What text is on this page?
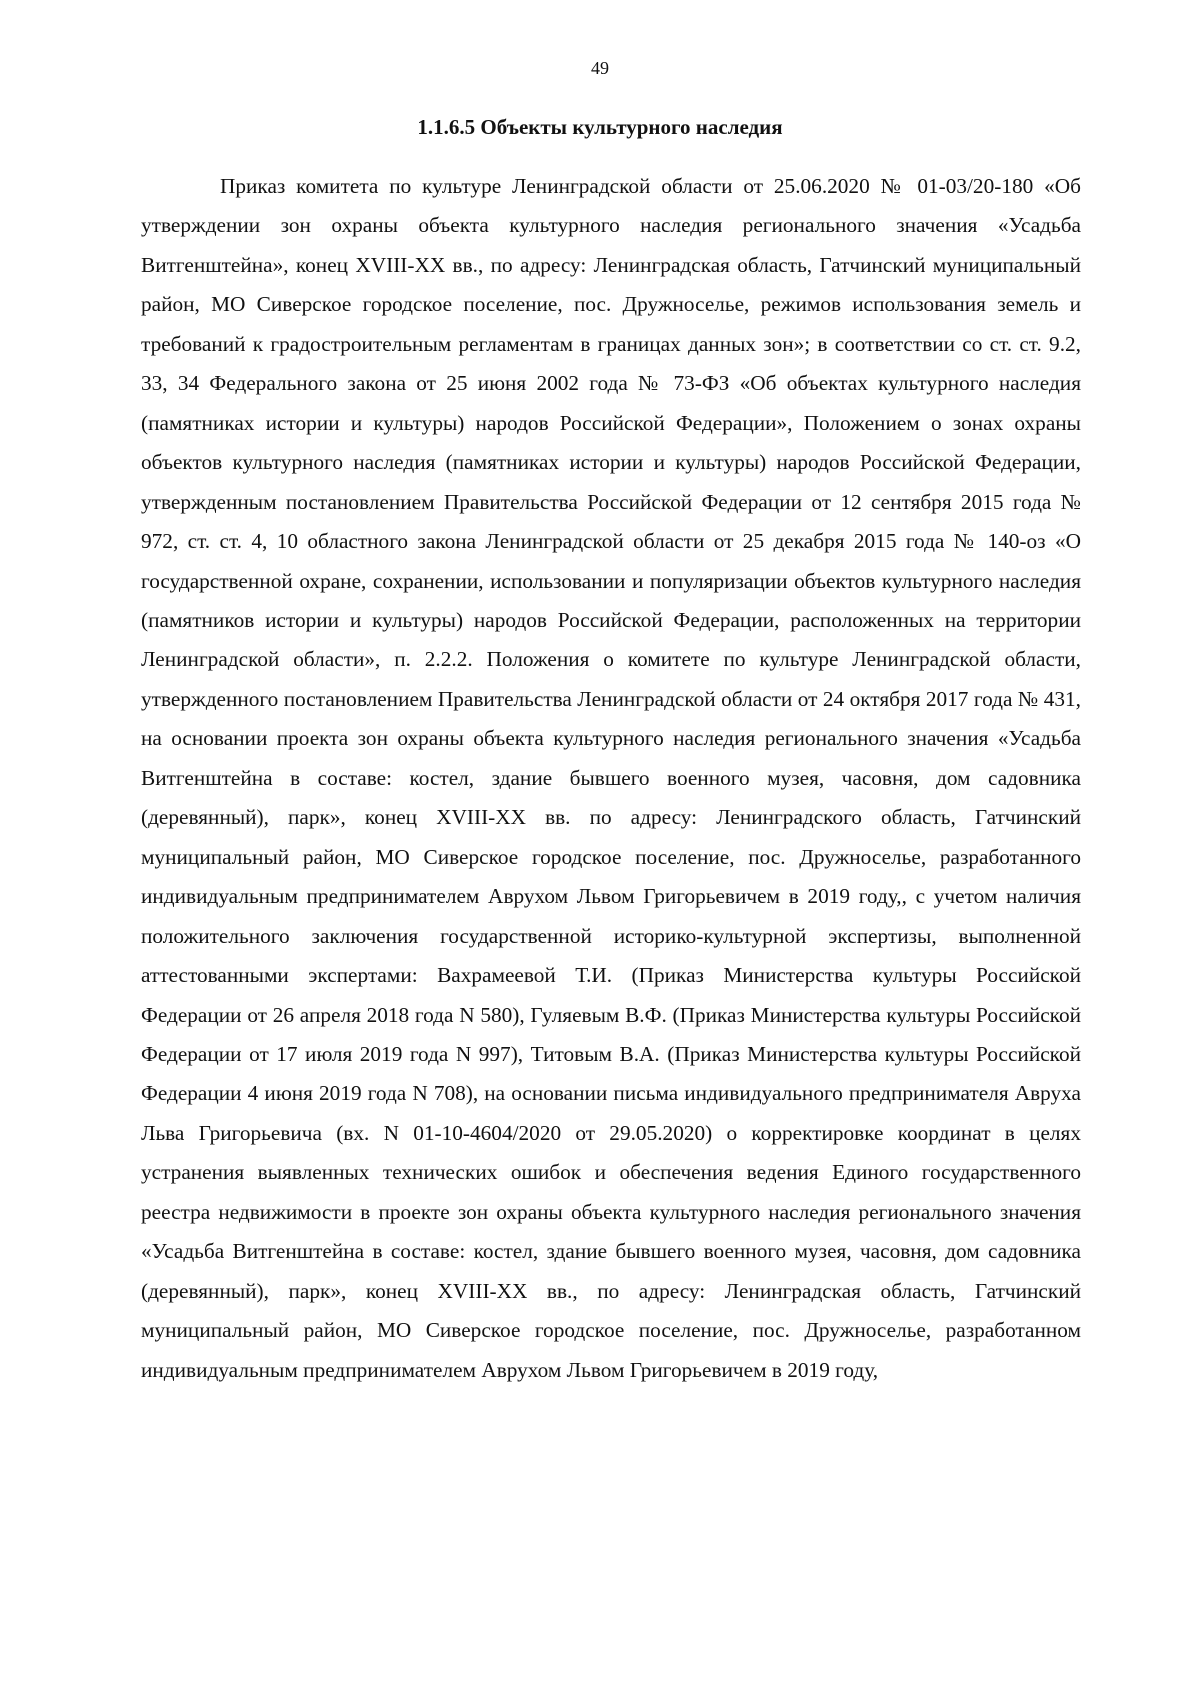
49
1.1.6.5 Объекты культурного наследия

Приказ комитета по культуре Ленинградской области от 25.06.2020 № 01-03/20-180 «Об утверждении зон охраны объекта культурного наследия регионального значения «Усадьба Витгенштейна», конец XVIII-XX вв., по адресу: Ленинградская область, Гатчинский муниципальный район, МО Сиверское городское поселение, пос. Дружноселье, режимов использования земель и требований к градостроительным регламентам в границах данных зон»; в соответствии со ст. ст. 9.2, 33, 34 Федерального закона от 25 июня 2002 года № 73-ФЗ «Об объектах культурного наследия (памятниках истории и культуры) народов Российской Федерации», Положением о зонах охраны объектов культурного наследия (памятниках истории и культуры) народов Российской Федерации, утвержденным постановлением Правительства Российской Федерации от 12 сентября 2015 года № 972, ст. ст. 4, 10 областного закона Ленинградской области от 25 декабря 2015 года № 140-оз «О государственной охране, сохранении, использовании и популяризации объектов культурного наследия (памятников истории и культуры) народов Российской Федерации, расположенных на территории Ленинградской области», п. 2.2.2. Положения о комитете по культуре Ленинградской области, утвержденного постановлением Правительства Ленинградской области от 24 октября 2017 года № 431, на основании проекта зон охраны объекта культурного наследия регионального значения «Усадьба Витгенштейна в составе: костел, здание бывшего военного музея, часовня, дом садовника (деревянный), парк», конец XVIII-XX вв. по адресу: Ленинградского область, Гатчинский муниципальный район, МО Сиверское городское поселение, пос. Дружноселье, разработанного индивидуальным предпринимателем Аврухом Львом Григорьевичем в 2019 году,, с учетом наличия положительного заключения государственной историко-культурной экспертизы, выполненной аттестованными экспертами: Вахрамеевой Т.И. (Приказ Министерства культуры Российской Федерации от 26 апреля 2018 года N 580), Гуляевым В.Ф. (Приказ Министерства культуры Российской Федерации от 17 июля 2019 года N 997), Титовым В.А. (Приказ Министерства культуры Российской Федерации 4 июня 2019 года N 708), на основании письма индивидуального предпринимателя Авруха Льва Григорьевича (вх. N 01-10-4604/2020 от 29.05.2020) о корректировке координат в целях устранения выявленных технических ошибок и обеспечения ведения Единого государственного реестра недвижимости в проекте зон охраны объекта культурного наследия регионального значения «Усадьба Витгенштейна в составе: костел, здание бывшего военного музея, часовня, дом садовника (деревянный), парк», конец XVIII-XX вв., по адресу: Ленинградская область, Гатчинский муниципальный район, МО Сиверское городское поселение, пос. Дружноселье, разработанном индивидуальным предпринимателем Аврухом Львом Григорьевичем в 2019 году,
